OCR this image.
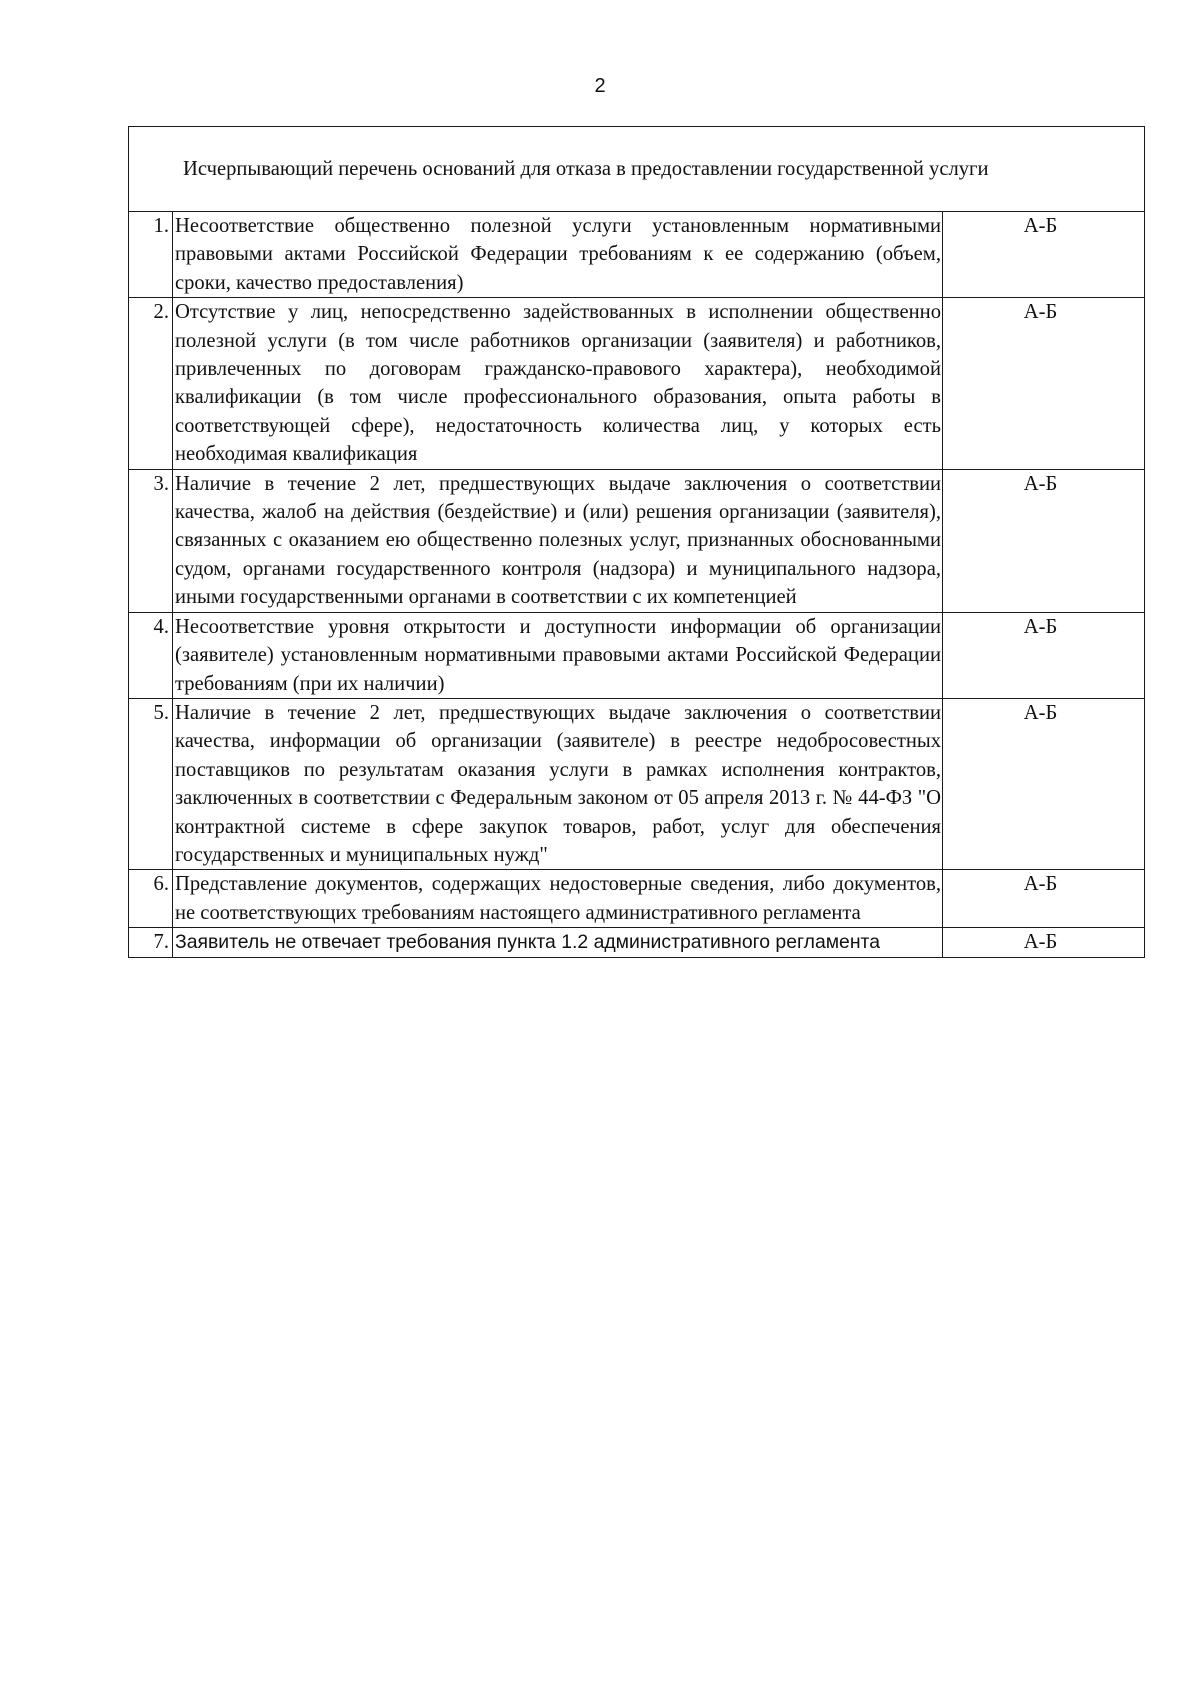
2
Исчерпывающий перечень оснований для отказа в предоставлении государственной услуги		
1.	Несоответствие общественно полезной услуги установленным нормативными правовыми актами Российской Федерации требованиям к ее содержанию (объем, сроки, качество предоставления)	А-Б
2.	Отсутствие у лиц, непосредственно задействованных в исполнении общественно полезной услуги (в том числе работников организации (заявителя) и работников, привлеченных по договорам гражданско-правового характера), необходимой квалификации (в том числе профессионального образования, опыта работы в соответствующей сфере), недостаточность количества лиц, у которых есть необходимая квалификация	А-Б
3.	Наличие в течение 2 лет, предшествующих выдаче заключения о соответствии качества, жалоб на действия (бездействие) и (или) решения организации (заявителя), связанных с оказанием ею общественно полезных услуг, признанных обоснованными судом, органами государственного контроля (надзора) и муниципального надзора, иными государственными органами в соответствии с их компетенцией	А-Б
4.	Несоответствие уровня открытости и доступности информации об организации (заявителе) установленным нормативными правовыми актами Российской Федерации требованиям (при их наличии)	А-Б
5.	Наличие в течение 2 лет, предшествующих выдаче заключения о соответствии качества, информации об организации (заявителе) в реестре недобросовестных поставщиков по результатам оказания услуги в рамках исполнения контрактов, заключенных в соответствии с Федеральным законом от 05 апреля 2013 г. № 44-ФЗ "О контрактной системе в сфере закупок товаров, работ, услуг для обеспечения государственных и муниципальных нужд"	А-Б
6.	Представление документов, содержащих недостоверные сведения, либо документов, не соответствующих требованиям настоящего административного регламента	А-Б
7.	Заявитель не отвечает требования пункта 1.2 административного регламента	А-Б
